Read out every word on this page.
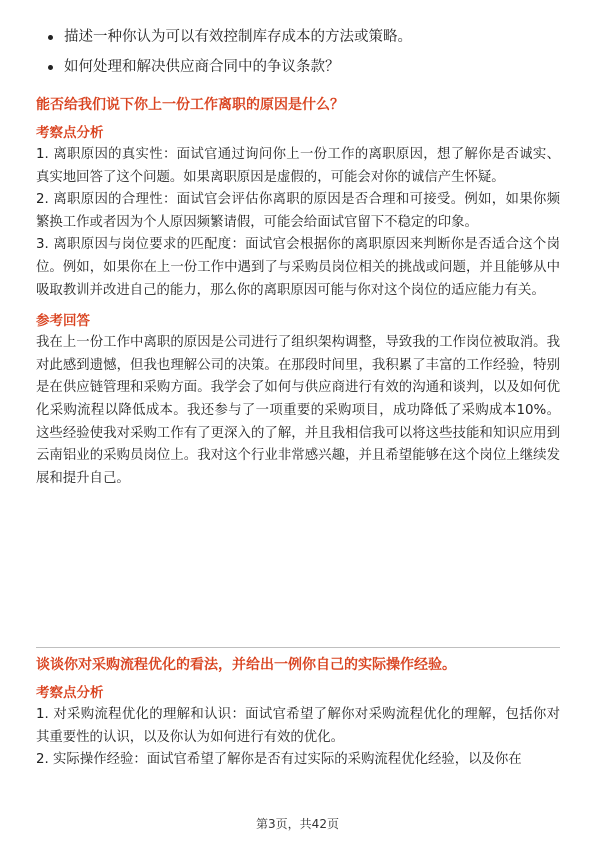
描述一种你认为可以有效控制库存成本的方法或策略。
如何处理和解决供应商合同中的争议条款？
能否给我们说下你上一份工作离职的原因是什么？
考察点分析

1. 离职原因的真实性：面试官通过询问你上一份工作的离职原因，想了解你是否诚实、真实地回答了这个问题。如果离职原因是虚假的，可能会对你的诚信产生怀疑。

2. 离职原因的合理性：面试官会评估你离职的原因是否合理和可接受。例如，如果你频繁换工作或者因为个人原因频繁请假，可能会给面试官留下不稳定的印象。

3. 离职原因与岗位要求的匹配度：面试官会根据你的离职原因来判断你是否适合这个岗位。例如，如果你在上一份工作中遇到了与采购员岗位相关的挑战或问题，并且能够从中吸取教训并改进自己的能力，那么你的离职原因可能与你对这个岗位的适应能力有关。

参考回答

我在上一份工作中离职的原因是公司进行了组织架构调整，导致我的工作岗位被取消。我对此感到遗憾，但我也理解公司的决策。在那段时间里，我积累了丰富的工作经验，特别是在供应链管理和采购方面。我学会了如何与供应商进行有效的沟通和谈判，以及如何优化采购流程以降低成本。我还参与了一项重要的采购项目，成功降低了采购成本10%。这些经验使我对采购工作有了更深入的了解，并且我相信我可以将这些技能和知识应用到云南铝业的采购员岗位上。我对这个行业非常感兴趣，并且希望能够在这个岗位上继续发展和提升自己。

谈谈你对采购流程优化的看法，并给出一例你自己的实际操作经验。
考察点分析

1. 对采购流程优化的理解和认识：面试官希望了解你对采购流程优化的理解，包括你对其重要性的认识，以及你认为如何进行有效的优化。

2. 实际操作经验：面试官希望了解你是否有过实际的采购流程优化经验，以及你在

第3页，共42页
